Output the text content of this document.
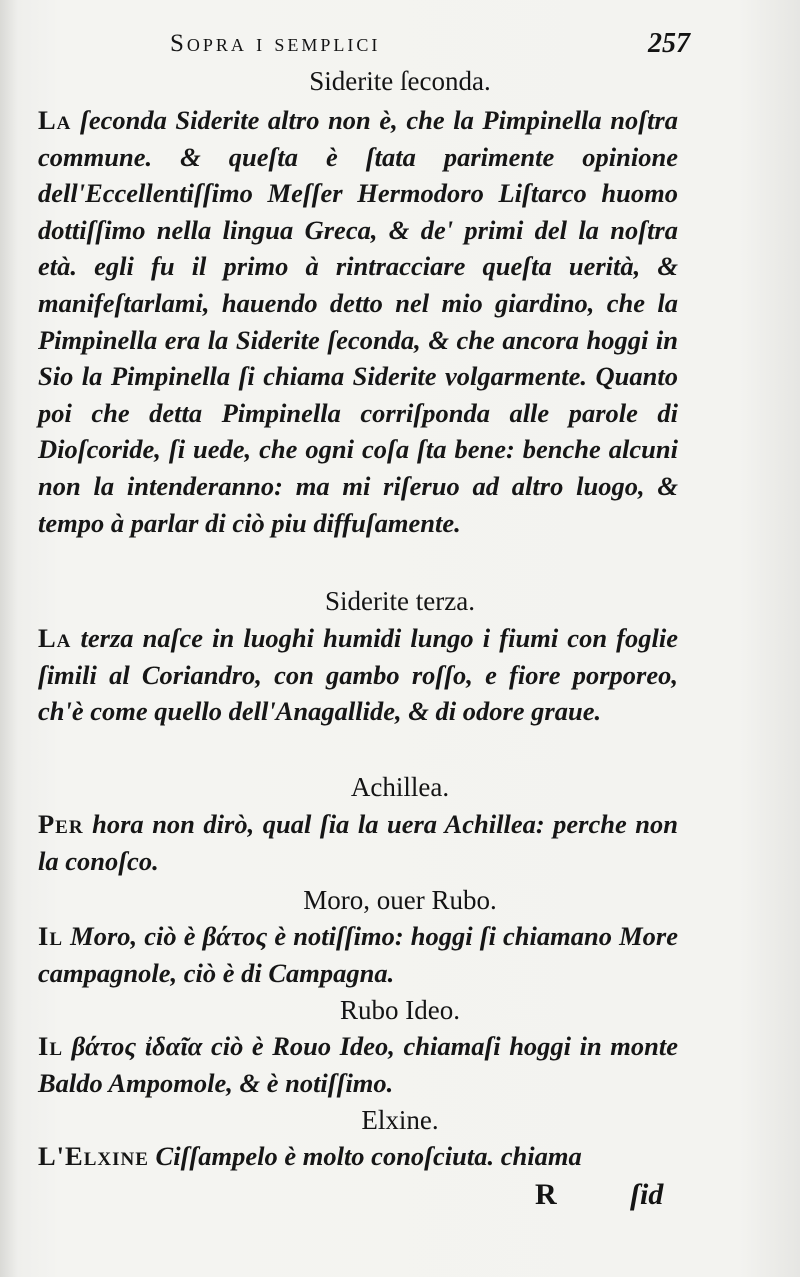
Sopra i semplici	257
Siderite ſeconda.

La ſeconda Siderite altro non è, che la Pimpinella noſtra commune. & queſta è ſtata parimente opinione dell'Eccellentiſſimo Meſſer Hermodoro Liſtarco huomo dottiſſimo nella lingua Greca, & de' primi del la noſtra età. egli fu il primo à rintracciare queſta uerità, & manifeſtarlami, hauendo detto nel mio giardino, che la Pimpinella era la Siderite ſeconda, & che ancora hoggi in Sio la Pimpinella ſi chiama Siderite volgarmente. Quanto poi che detta Pimpinella corriſponda alle parole di Dioſcoride, ſi uede, che ogni coſa ſta bene: benche alcuni non la intenderanno: ma mi riſeruo ad altro luogo, & tempo à parlar di ciò piu diffuſamente.

Siderite terza.

La terza naſce in luoghi humidi lungo i fiumi con foglie ſimili al Coriandro, con gambo roſſo, e fiore porporeo, ch'è come quello dell'Anagallide, & di odore graue.

Achillea.

Per hora non dirò, qual ſia la uera Achillea: perche non la conoſco.

Moro, ouer Rubo.

Il Moro, ciò è βάτος è notiſſimo: hoggi ſi chiamano More campagnole, ciò è di Campagna.

Rubo Ideo.

Il βάτος ἰδαῖα ciò è Rouo Ideo, chiamaſi hoggi in monte Baldo Ampomole, & è notiſſimo.

Elxine.

L'Elxine Ciſſampelo è molto conoſciuta. chiama

R ſid
